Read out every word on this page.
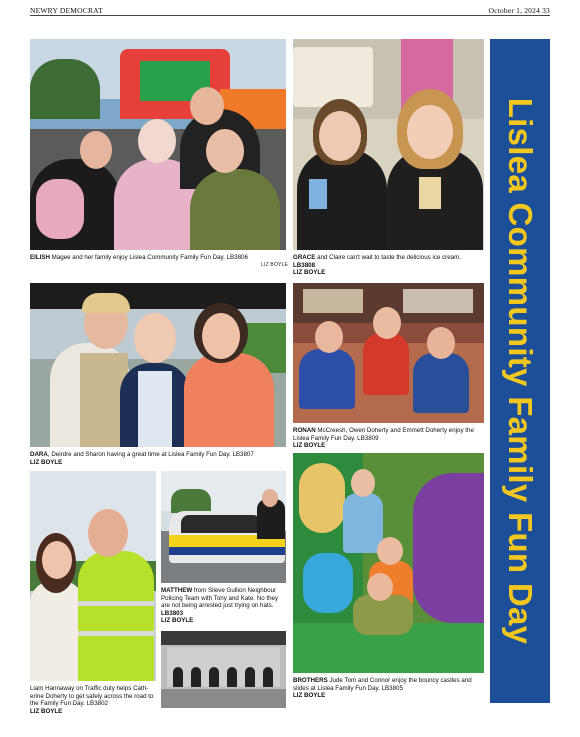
NEWRY DEMOCRAT	October 1, 2024 33
EILISH Magee and her family enjoy Lislea Community Family Fun Day. LB3806
LIZ BOYLE
GRACE and Claire can't wait to taste the delicious ice cream.
LB3808
LIZ BOYLE
DARA, Deirdre and Sharon having a great time at Lislea Family Fun Day. LB3807
LIZ BOYLE
RONAN McCreesh, Owen Doherty and Emmett Doherty enjoy the Lislea Family Fun Day. LB3809
LIZ BOYLE
Liam Hannaway on Traffic duty helps Cath-erine Doherty to get safely across the road to the Family Fun Day. LB3802
LIZ BOYLE
MATTHEW from Slieve Gullion Neighbour Policing Team with Tony and Kate. No they are not being arrested just trying on hats.
LB3803
LIZ BOYLE
BROTHERS Jude Tom and Connor enjoy the bouncy castles and slides at Lislea Family Fun Day. LB3805
LIZ BOYLE
Lislea Community Family Fun Day
